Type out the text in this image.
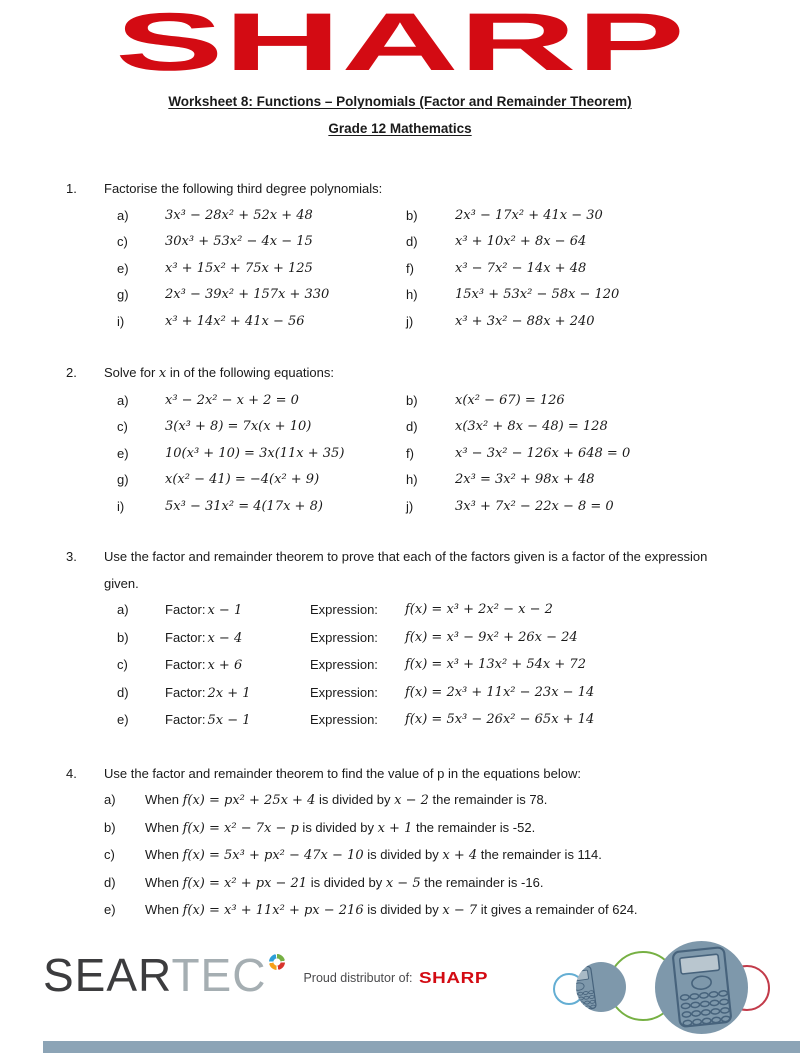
SHARP
Worksheet 8: Functions – Polynomials (Factor and Remainder Theorem)
Grade 12 Mathematics
1. Factorise the following third degree polynomials:
a)	3x³ − 28x² + 52x + 48	b)	2x³ − 17x² + 41x − 30
c)	30x³ + 53x² − 4x − 15	d)	x³ + 10x² + 8x − 64
e)	x³ + 15x² + 75x + 125	f)	x³ − 7x² − 14x + 48
g)	2x³ − 39x² + 157x + 330	h)	15x³ + 53x² − 58x − 120
i)	x³ + 14x² + 41x − 56	j)	x³ + 3x² − 88x + 240
2. Solve for x in of the following equations:
a)	x³ − 2x² − x + 2 = 0	b)	x(x² − 67) = 126
c)	3(x³ + 8) = 7x(x + 10)	d)	x(3x² + 8x − 48) = 128
e)	10(x³ + 10) = 3x(11x + 35)	f)	x³ − 3x² − 126x + 648 = 0
g)	x(x² − 41) = −4(x² + 9)	h)	2x³ = 3x² + 98x + 48
i)	5x³ − 31x² = 4(17x + 8)	j)	3x³ + 7x² − 22x − 8 = 0
3. Use the factor and remainder theorem to prove that each of the factors given is a factor of the expression given.
a)	Factor: x − 1	Expression:	f(x) = x³ + 2x² − x − 2
b)	Factor: x − 4	Expression:	f(x) = x³ − 9x² + 26x − 24
c)	Factor: x + 6	Expression:	f(x) = x³ + 13x² + 54x + 72
d)	Factor: 2x + 1	Expression:	f(x) = 2x³ + 11x² − 23x − 14
e)	Factor: 5x − 1	Expression:	f(x) = 5x³ − 26x² − 65x + 14
4. Use the factor and remainder theorem to find the value of p in the equations below:
a)	When f(x) = px² + 25x + 4 is divided by x − 2 the remainder is 78.
b)	When f(x) = x² − 7x − p is divided by x + 1 the remainder is -52.
c)	When f(x) = 5x³ + px² − 47x − 10 is divided by x + 4 the remainder is 114.
d)	When f(x) = x² + px − 21 is divided by x − 5 the remainder is -16.
e)	When f(x) = x³ + 11x² + px − 216 is divided by x − 7 it gives a remainder of 624.
SEARTEC	Proud distributor of: SHARP
